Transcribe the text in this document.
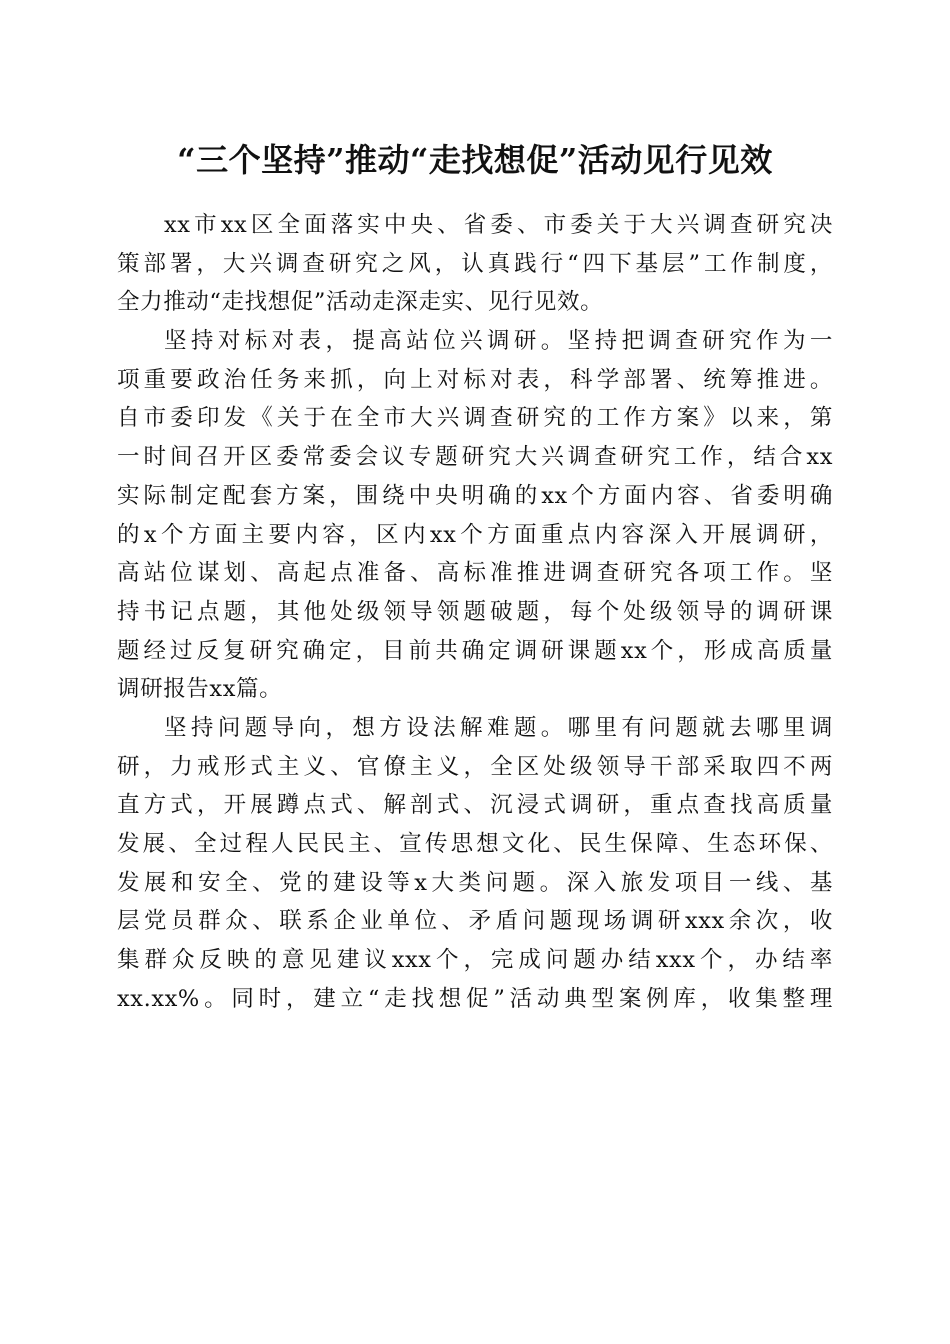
“三个坚持”推动“走找想促”活动见行见效
xx市xx区全面落实中央、省委、市委关于大兴调查研究决
策部署，大兴调查研究之风，认真践行“四下基层”工作制度，
全力推动“走找想促”活动走深走实、见行见效。
坚持对标对表，提高站位兴调研。坚持把调查研究作为一
项重要政治任务来抓，向上对标对表，科学部署、统筹推进。
自市委印发《关于在全市大兴调查研究的工作方案》以来，第
一时间召开区委常委会议专题研究大兴调查研究工作，结合xx
实际制定配套方案，围绕中央明确的xx个方面内容、省委明确
的x个方面主要内容，区内xx个方面重点内容深入开展调研，
高站位谋划、高起点准备、高标准推进调查研究各项工作。坚
持书记点题，其他处级领导领题破题，每个处级领导的调研课
题经过反复研究确定，目前共确定调研课题xx个，形成高质量
调研报告xx篇。
坚持问题导向，想方设法解难题。哪里有问题就去哪里调
研，力戒形式主义、官僚主义，全区处级领导干部采取四不两
直方式，开展蹲点式、解剖式、沉浸式调研，重点查找高质量
发展、全过程人民民主、宣传思想文化、民生保障、生态环保、
发展和安全、党的建设等x大类问题。深入旅发项目一线、基
层党员群众、联系企业单位、矛盾问题现场调研xxx余次，收
集群众反映的意见建议xxx个，完成问题办结xxx个，办结率
xx.xx%。同时，建立“走找想促”活动典型案例库，收集整理
